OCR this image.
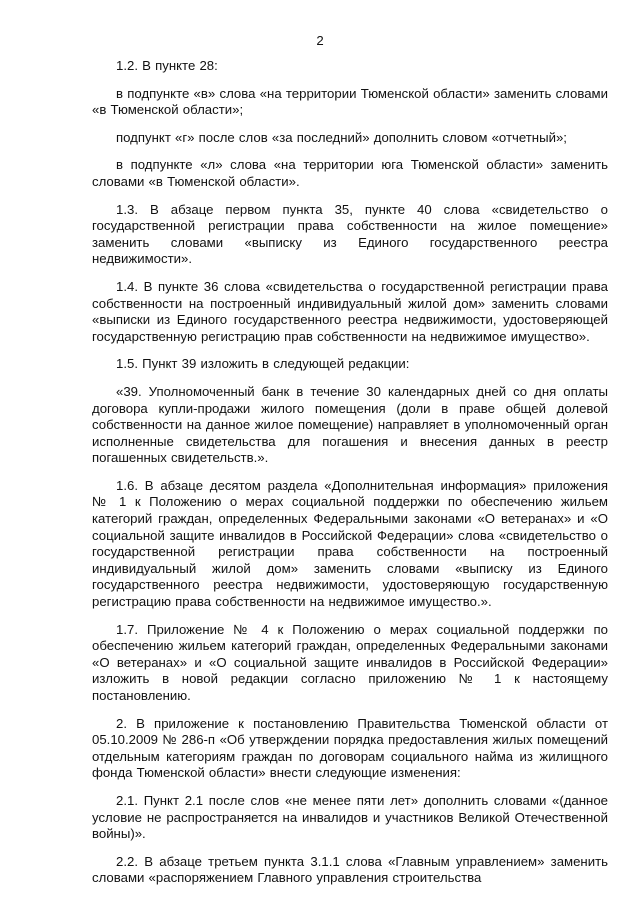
2

1.2. В пункте 28:

в подпункте «в» слова «на территории Тюменской области» заменить словами «в Тюменской области»;

подпункт «г» после слов «за последний» дополнить словом «отчетный»;

в подпункте «л» слова «на территории юга Тюменской области» заменить словами «в Тюменской области».

1.3. В абзаце первом пункта 35, пункте 40 слова «свидетельство о государственной регистрации права собственности на жилое помещение» заменить словами «выписку из Единого государственного реестра недвижимости».

1.4. В пункте 36 слова «свидетельства о государственной регистрации права собственности на построенный индивидуальный жилой дом» заменить словами «выписки из Единого государственного реестра недвижимости, удостоверяющей государственную регистрацию прав собственности на недвижимое имущество».

1.5. Пункт 39 изложить в следующей редакции:

«39. Уполномоченный банк в течение 30 календарных дней со дня оплаты договора купли-продажи жилого помещения (доли в праве общей долевой собственности на данное жилое помещение) направляет в уполномоченный орган исполненные свидетельства для погашения и внесения данных в реестр погашенных свидетельств.».

1.6. В абзаце десятом раздела «Дополнительная информация» приложения № 1 к Положению о мерах социальной поддержки по обеспечению жильем категорий граждан, определенных Федеральными законами «О ветеранах» и «О социальной защите инвалидов в Российской Федерации» слова «свидетельство о государственной регистрации права собственности на построенный индивидуальный жилой дом» заменить словами «выписку из Единого государственного реестра недвижимости, удостоверяющую государственную регистрацию права собственности на недвижимое имущество.».

1.7. Приложение № 4 к Положению о мерах социальной поддержки по обеспечению жильем категорий граждан, определенных Федеральными законами «О ветеранах» и «О социальной защите инвалидов в Российской Федерации» изложить в новой редакции согласно приложению № 1 к настоящему постановлению.

2. В приложение к постановлению Правительства Тюменской области от 05.10.2009 № 286-п «Об утверждении порядка предоставления жилых помещений отдельным категориям граждан по договорам социального найма из жилищного фонда Тюменской области» внести следующие изменения:

2.1. Пункт 2.1 после слов «не менее пяти лет» дополнить словами «(данное условие не распространяется на инвалидов и участников Великой Отечественной войны)».

2.2. В абзаце третьем пункта 3.1.1 слова «Главным управлением» заменить словами «распоряжением Главного управления строительства
